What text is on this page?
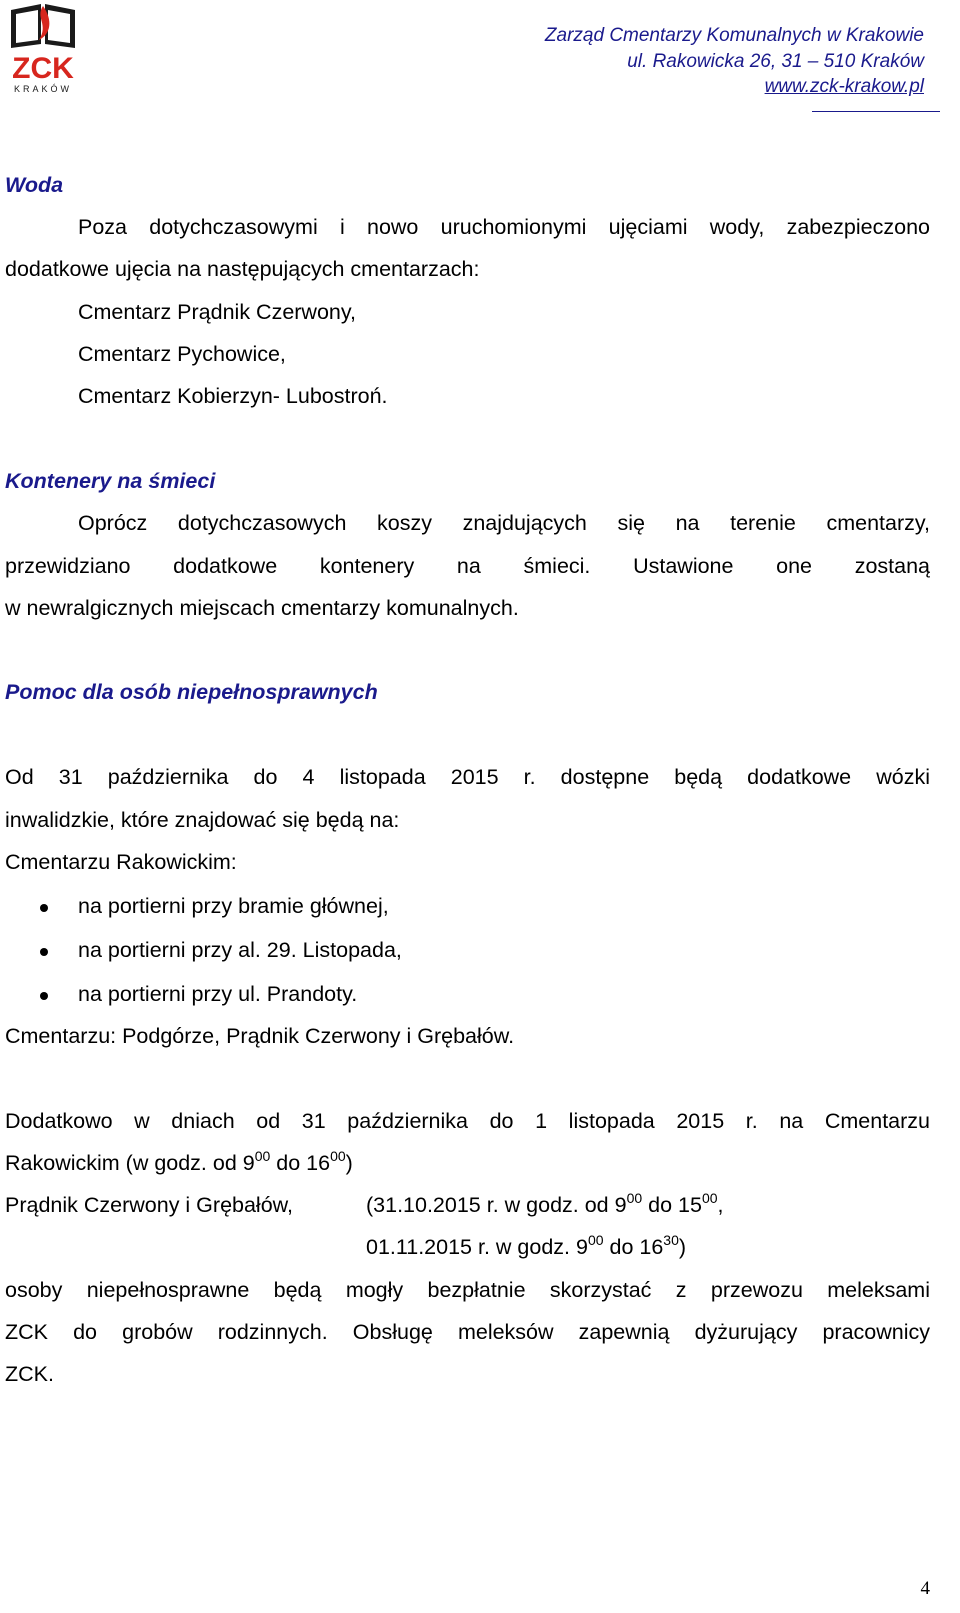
ZCK
KRAKÓW
Zarząd Cmentarzy Komunalnych w Krakowie
ul. Rakowicka 26, 31 – 510 Kraków
www.zck-krakow.pl
Woda
Poza dotychczasowymi i nowo uruchomionymi ujęciami wody, zabezpieczono
dodatkowe ujęcia na następujących cmentarzach:
Cmentarz Prądnik Czerwony,
Cmentarz Pychowice,
Cmentarz Kobierzyn- Lubostroń.
Kontenery na śmieci
Oprócz dotychczasowych koszy znajdujących się na terenie cmentarzy,
przewidziano dodatkowe kontenery na śmieci. Ustawione one zostaną
w newralgicznych miejscach cmentarzy komunalnych.
Pomoc dla osób niepełnosprawnych
Od 31 października do 4 listopada 2015 r. dostępne będą dodatkowe wózki
inwalidzkie, które znajdować się będą na:
Cmentarzu Rakowickim:
na portierni przy bramie głównej,
na portierni przy al. 29. Listopada,
na portierni przy ul. Prandoty.
Cmentarzu: Podgórze, Prądnik Czerwony i Grębałów.
Dodatkowo w dniach od 31 października do 1 listopada 2015 r. na Cmentarzu
Rakowickim (w godz. od $9^{00}$ do $16^{00}$)
Prądnik Czerwony i Grębałów,	(31.10.2015 r. w godz. od $9^{00}$ do $15^{00}$,
01.11.2015 r. w godz. $9^{00}$ do $16^{30}$)
osoby niepełnosprawne będą mogły bezpłatnie skorzystać z przewozu meleksami
ZCK do grobów rodzinnych. Obsługę meleksów zapewnią dyżurujący pracownicy
ZCK.
4
